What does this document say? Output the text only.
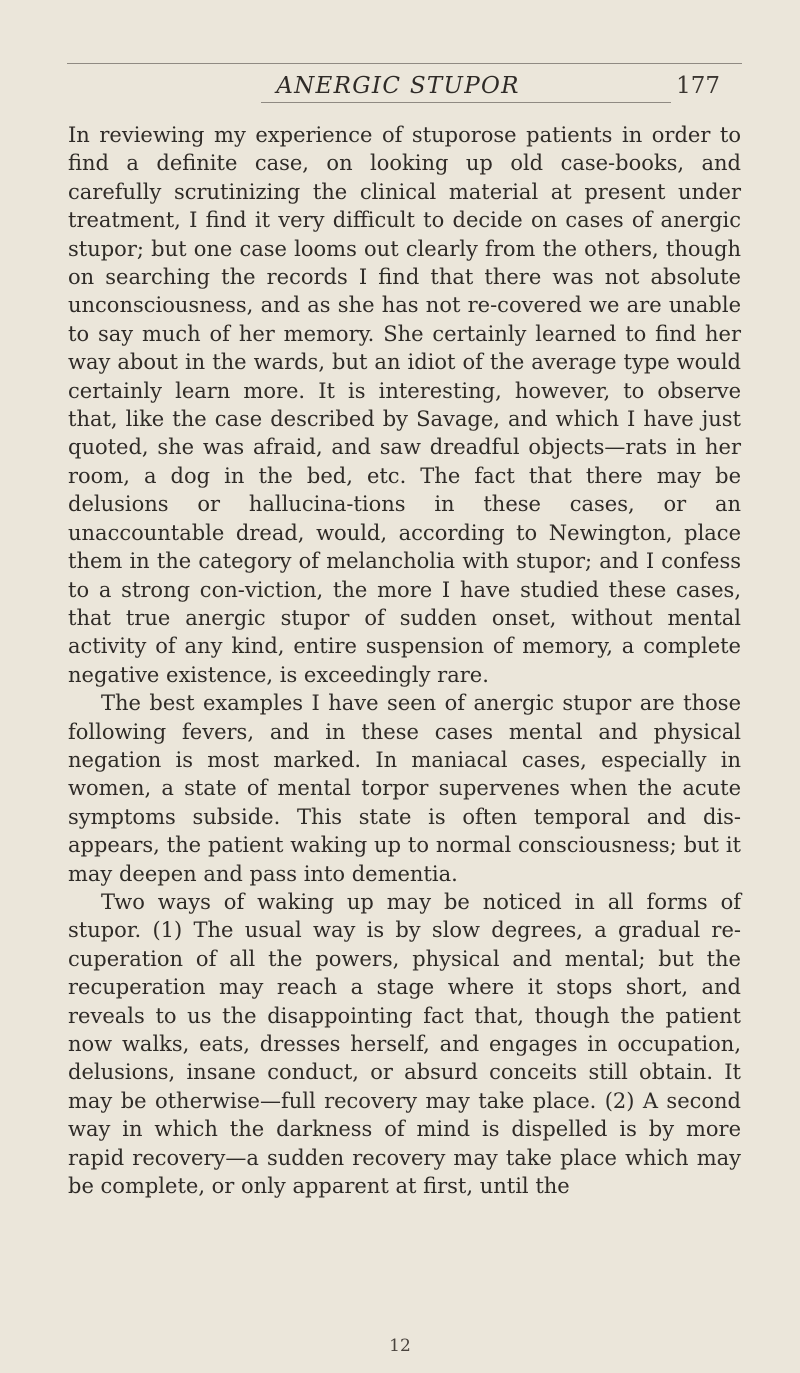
ANERGIC STUPOR	177

In reviewing my experience of stuporose patients in order to find a definite case, on looking up old case-books, and carefully scrutinizing the clinical material at present under treatment, I find it very difficult to decide on cases of anergic stupor; but one case looms out clearly from the others, though on searching the records I find that there was not absolute unconsciousness, and as she has not re-covered we are unable to say much of her memory. She certainly learned to find her way about in the wards, but an idiot of the average type would certainly learn more. It is interesting, however, to observe that, like the case described by Savage, and which I have just quoted, she was afraid, and saw dreadful objects—rats in her room, a dog in the bed, etc. The fact that there may be delusions or hallucina-tions in these cases, or an unaccountable dread, would, according to Newington, place them in the category of melancholia with stupor; and I confess to a strong con-viction, the more I have studied these cases, that true anergic stupor of sudden onset, without mental activity of any kind, entire suspension of memory, a complete negative existence, is exceedingly rare.

The best examples I have seen of anergic stupor are those following fevers, and in these cases mental and physical negation is most marked. In maniacal cases, especially in women, a state of mental torpor supervenes when the acute symptoms subside. This state is often temporal and dis-appears, the patient waking up to normal consciousness; but it may deepen and pass into dementia.

Two ways of waking up may be noticed in all forms of stupor. (1) The usual way is by slow degrees, a gradual re-cuperation of all the powers, physical and mental; but the recuperation may reach a stage where it stops short, and reveals to us the disappointing fact that, though the patient now walks, eats, dresses herself, and engages in occupation, delusions, insane conduct, or absurd conceits still obtain. It may be otherwise—full recovery may take place. (2) A second way in which the darkness of mind is dispelled is by more rapid recovery—a sudden recovery may take place which may be complete, or only apparent at first, until the

12
